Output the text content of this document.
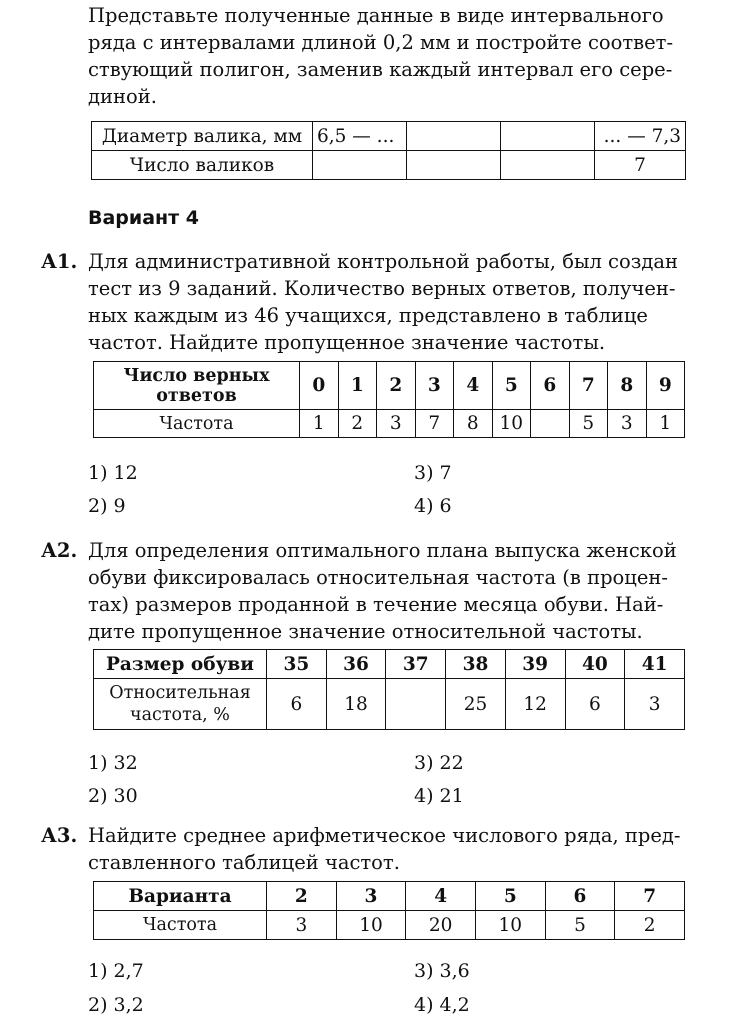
Представьте полученные данные в виде интервального
ряда с интервалами длиной 0,2 мм и постройте соответ-
ствующий полигон, заменив каждый интервал его сере-
диной.
Диаметр валика, мм	6,5 — ...			... — 7,3
Число валиков				7
Вариант 4
А1. Для административной контрольной работы, был создан
тест из 9 заданий. Количество верных ответов, получен-
ных каждым из 46 учащихся, представлено в таблице
частот. Найдите пропущенное значение частоты.
Число верных ответов	0	1	2	3	4	5	6	7	8	9
Частота	1	2	3	7	8	10		5	3	1
1) 12
2) 9
3) 7
4) 6
А2. Для определения оптимального плана выпуска женской
обуви фиксировалась относительная частота (в процен-
тах) размеров проданной в течение месяца обуви. Най-
дите пропущенное значение относительной частоты.
Размер обуви	35	36	37	38	39	40	41
Относительная частота, %	6	18		25	12	6	3
1) 32
2) 30
3) 22
4) 21
А3. Найдите среднее арифметическое числового ряда, пред-
ставленного таблицей частот.
Варианта	2	3	4	5	6	7
Частота	3	10	20	10	5	2
1) 2,7
2) 3,2
3) 3,6
4) 4,2
